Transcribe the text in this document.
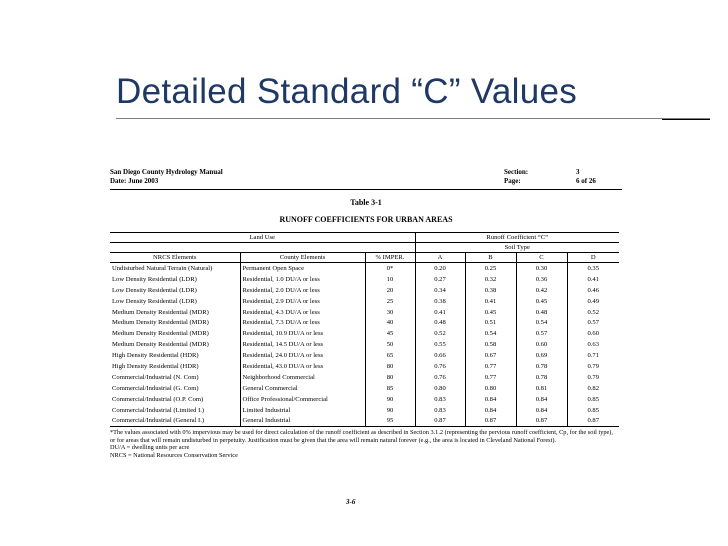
Detailed Standard “C” Values
San Diego County Hydrology Manual	Section:	3
Date: June 2003	Page:	6 of 26
Table 3-1
RUNOFF COEFFICIENTS FOR URBAN AREAS
Land Use			Runoff Coefficient “C”			
			Soil Type			
NRCS Elements	County Elements	% IMPER.	A	B	C	D
Undisturbed Natural Terrain (Natural)	Permanent Open Space	0*	0.20	0.25	0.30	0.35
Low Density Residential (LDR)	Residential, 1.0 DU/A or less	10	0.27	0.32	0.36	0.41
Low Density Residential (LDR)	Residential, 2.0 DU/A or less	20	0.34	0.38	0.42	0.46
Low Density Residential (LDR)	Residential, 2.9 DU/A or less	25	0.38	0.41	0.45	0.49
Medium Density Residential (MDR)	Residential, 4.3 DU/A or less	30	0.41	0.45	0.48	0.52
Medium Density Residential (MDR)	Residential, 7.3 DU/A or less	40	0.48	0.51	0.54	0.57
Medium Density Residential (MDR)	Residential, 10.9 DU/A or less	45	0.52	0.54	0.57	0.60
Medium Density Residential (MDR)	Residential, 14.5 DU/A or less	50	0.55	0.58	0.60	0.63
High Density Residential (HDR)	Residential, 24.0 DU/A or less	65	0.66	0.67	0.69	0.71
High Density Residential (HDR)	Residential, 43.0 DU/A or less	80	0.76	0.77	0.78	0.79
Commercial/Industrial (N. Com)	Neighborhood Commercial	80	0.76	0.77	0.78	0.79
Commercial/Industrial (G. Com)	General Commercial	85	0.80	0.80	0.81	0.82
Commercial/Industrial (O.P. Com)	Office Professional/Commercial	90	0.83	0.84	0.84	0.85
Commercial/Industrial (Limited I.)	Limited Industrial	90	0.83	0.84	0.84	0.85
Commercial/Industrial (General I.)	General Industrial	95	0.87	0.87	0.87	0.87
*The values associated with 0% impervious may be used for direct calculation of the runoff coefficient as described in Section 3.1.2 (representing the pervious runoff coefficient, Cp, for the soil type), or for areas that will remain undisturbed in perpetuity. Justification must be given that the area will remain natural forever (e.g., the area is located in Cleveland National Forest).
DU/A = dwelling units per acre
NRCS = National Resources Conservation Service
3-6
